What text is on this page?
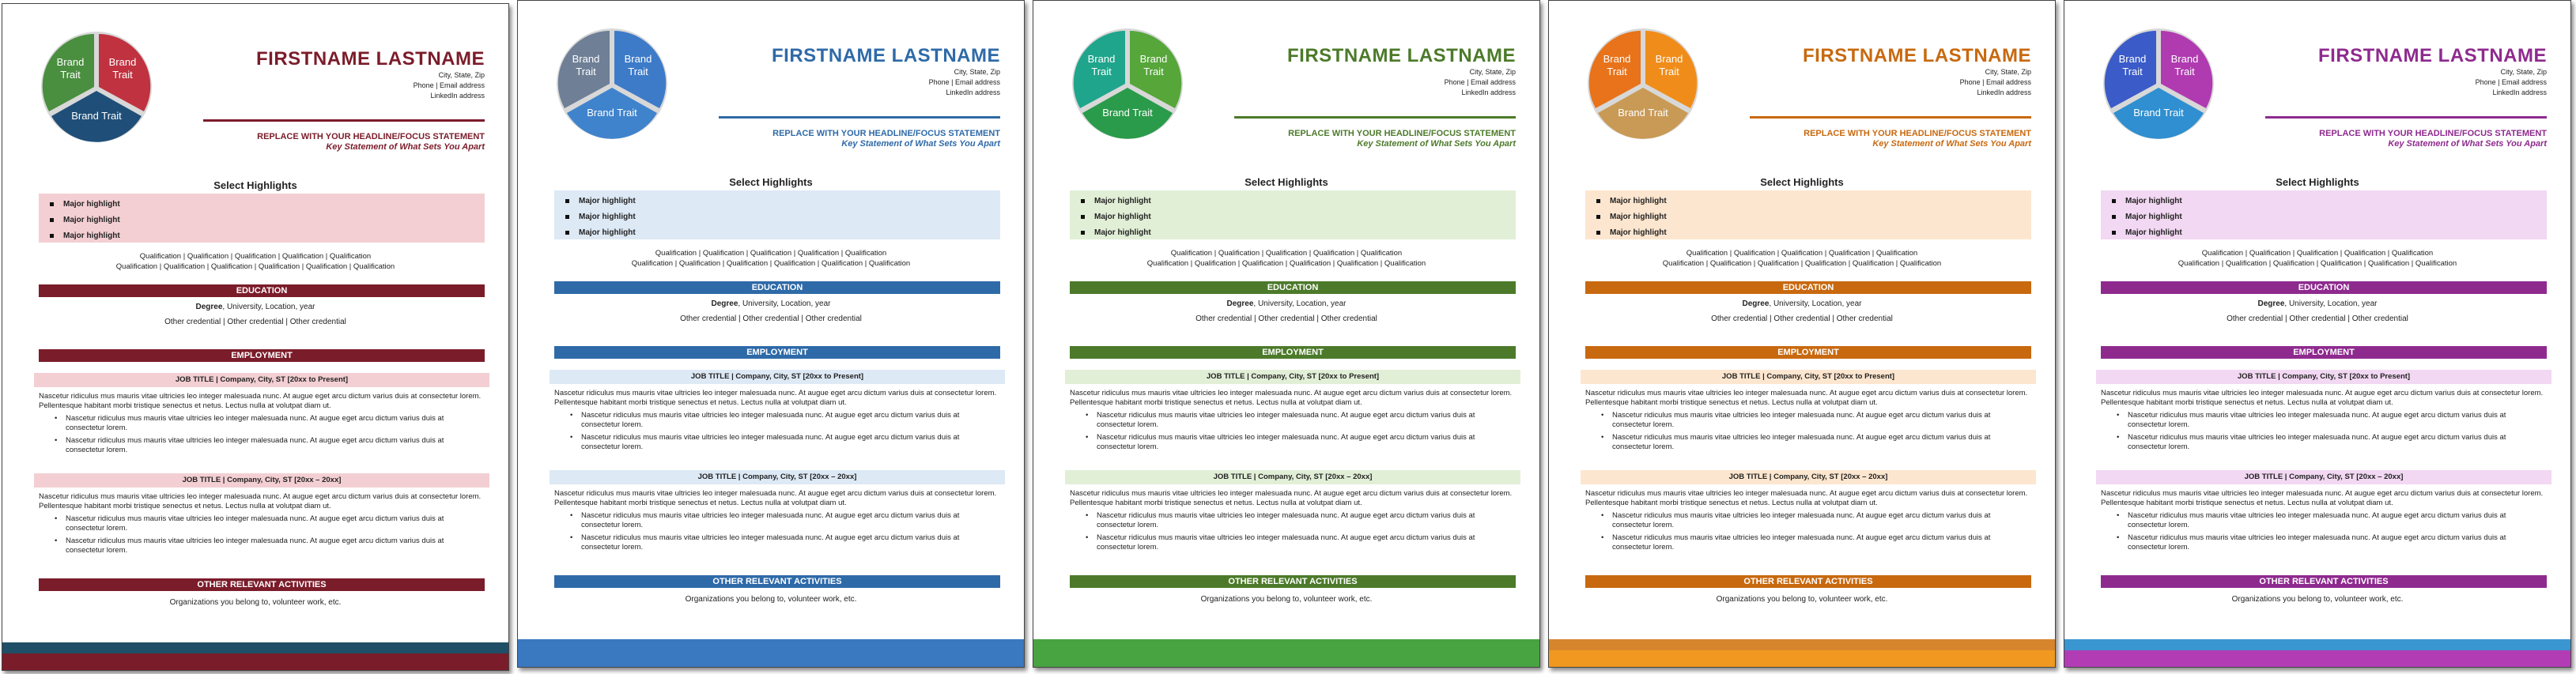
Brand
Trait
Brand
Trait
Brand Trait
FIRSTNAME LASTNAME
City, State, Zip
Phone | Email address
LinkedIn address
REPLACE WITH YOUR HEADLINE/FOCUS STATEMENT
Key Statement of What Sets You Apart
Select Highlights
Major highlight
Major highlight
Major highlight
Qualification | Qualification | Qualification | Qualification | Qualification
Qualification | Qualification | Qualification | Qualification | Qualification | Qualification
EDUCATION
Degree, University, Location, year
Other credential | Other credential | Other credential
EMPLOYMENT
JOB TITLE | Company, City, ST [20xx to Present]
Nascetur ridiculus mus mauris vitae ultricies leo integer malesuada nunc. At augue eget arcu dictum varius duis at consectetur lorem. Pellentesque habitant morbi tristique senectus et netus. Lectus nulla at volutpat diam ut.
• Nascetur ridiculus mus mauris vitae ultricies leo integer malesuada nunc. At augue eget arcu dictum varius duis at consectetur lorem.
• Nascetur ridiculus mus mauris vitae ultricies leo integer malesuada nunc. At augue eget arcu dictum varius duis at consectetur lorem.
JOB TITLE | Company, City, ST [20xx – 20xx]
Nascetur ridiculus mus mauris vitae ultricies leo integer malesuada nunc. At augue eget arcu dictum varius duis at consectetur lorem. Pellentesque habitant morbi tristique senectus et netus. Lectus nulla at volutpat diam ut.
• Nascetur ridiculus mus mauris vitae ultricies leo integer malesuada nunc. At augue eget arcu dictum varius duis at consectetur lorem.
• Nascetur ridiculus mus mauris vitae ultricies leo integer malesuada nunc. At augue eget arcu dictum varius duis at consectetur lorem.
OTHER RELEVANT ACTIVITIES
Organizations you belong to, volunteer work, etc.
Brand
Trait
Brand
Trait
Brand Trait
FIRSTNAME LASTNAME
City, State, Zip
Phone | Email address
LinkedIn address
REPLACE WITH YOUR HEADLINE/FOCUS STATEMENT
Key Statement of What Sets You Apart
Select Highlights
Major highlight
Major highlight
Major highlight
Qualification | Qualification | Qualification | Qualification | Qualification
Qualification | Qualification | Qualification | Qualification | Qualification | Qualification
EDUCATION
Degree, University, Location, year
Other credential | Other credential | Other credential
EMPLOYMENT
JOB TITLE | Company, City, ST [20xx to Present]
Nascetur ridiculus mus mauris vitae ultricies leo integer malesuada nunc. At augue eget arcu dictum varius duis at consectetur lorem. Pellentesque habitant morbi tristique senectus et netus. Lectus nulla at volutpat diam ut.
• Nascetur ridiculus mus mauris vitae ultricies leo integer malesuada nunc. At augue eget arcu dictum varius duis at consectetur lorem.
• Nascetur ridiculus mus mauris vitae ultricies leo integer malesuada nunc. At augue eget arcu dictum varius duis at consectetur lorem.
JOB TITLE | Company, City, ST [20xx – 20xx]
Nascetur ridiculus mus mauris vitae ultricies leo integer malesuada nunc. At augue eget arcu dictum varius duis at consectetur lorem. Pellentesque habitant morbi tristique senectus et netus. Lectus nulla at volutpat diam ut.
• Nascetur ridiculus mus mauris vitae ultricies leo integer malesuada nunc. At augue eget arcu dictum varius duis at consectetur lorem.
• Nascetur ridiculus mus mauris vitae ultricies leo integer malesuada nunc. At augue eget arcu dictum varius duis at consectetur lorem.
OTHER RELEVANT ACTIVITIES
Organizations you belong to, volunteer work, etc.
Brand
Trait
Brand
Trait
Brand Trait
FIRSTNAME LASTNAME
City, State, Zip
Phone | Email address
LinkedIn address
REPLACE WITH YOUR HEADLINE/FOCUS STATEMENT
Key Statement of What Sets You Apart
Select Highlights
Major highlight
Major highlight
Major highlight
Qualification | Qualification | Qualification | Qualification | Qualification
Qualification | Qualification | Qualification | Qualification | Qualification | Qualification
EDUCATION
Degree, University, Location, year
Other credential | Other credential | Other credential
EMPLOYMENT
JOB TITLE | Company, City, ST [20xx to Present]
Nascetur ridiculus mus mauris vitae ultricies leo integer malesuada nunc. At augue eget arcu dictum varius duis at consectetur lorem. Pellentesque habitant morbi tristique senectus et netus. Lectus nulla at volutpat diam ut.
• Nascetur ridiculus mus mauris vitae ultricies leo integer malesuada nunc. At augue eget arcu dictum varius duis at consectetur lorem.
• Nascetur ridiculus mus mauris vitae ultricies leo integer malesuada nunc. At augue eget arcu dictum varius duis at consectetur lorem.
JOB TITLE | Company, City, ST [20xx – 20xx]
Nascetur ridiculus mus mauris vitae ultricies leo integer malesuada nunc. At augue eget arcu dictum varius duis at consectetur lorem. Pellentesque habitant morbi tristique senectus et netus. Lectus nulla at volutpat diam ut.
• Nascetur ridiculus mus mauris vitae ultricies leo integer malesuada nunc. At augue eget arcu dictum varius duis at consectetur lorem.
• Nascetur ridiculus mus mauris vitae ultricies leo integer malesuada nunc. At augue eget arcu dictum varius duis at consectetur lorem.
OTHER RELEVANT ACTIVITIES
Organizations you belong to, volunteer work, etc.
Brand
Trait
Brand
Trait
Brand Trait
FIRSTNAME LASTNAME
City, State, Zip
Phone | Email address
LinkedIn address
REPLACE WITH YOUR HEADLINE/FOCUS STATEMENT
Key Statement of What Sets You Apart
Select Highlights
Major highlight
Major highlight
Major highlight
Qualification | Qualification | Qualification | Qualification | Qualification
Qualification | Qualification | Qualification | Qualification | Qualification | Qualification
EDUCATION
Degree, University, Location, year
Other credential | Other credential | Other credential
EMPLOYMENT
JOB TITLE | Company, City, ST [20xx to Present]
Nascetur ridiculus mus mauris vitae ultricies leo integer malesuada nunc. At augue eget arcu dictum varius duis at consectetur lorem. Pellentesque habitant morbi tristique senectus et netus. Lectus nulla at volutpat diam ut.
• Nascetur ridiculus mus mauris vitae ultricies leo integer malesuada nunc. At augue eget arcu dictum varius duis at consectetur lorem.
• Nascetur ridiculus mus mauris vitae ultricies leo integer malesuada nunc. At augue eget arcu dictum varius duis at consectetur lorem.
JOB TITLE | Company, City, ST [20xx – 20xx]
Nascetur ridiculus mus mauris vitae ultricies leo integer malesuada nunc. At augue eget arcu dictum varius duis at consectetur lorem. Pellentesque habitant morbi tristique senectus et netus. Lectus nulla at volutpat diam ut.
• Nascetur ridiculus mus mauris vitae ultricies leo integer malesuada nunc. At augue eget arcu dictum varius duis at consectetur lorem.
• Nascetur ridiculus mus mauris vitae ultricies leo integer malesuada nunc. At augue eget arcu dictum varius duis at consectetur lorem.
OTHER RELEVANT ACTIVITIES
Organizations you belong to, volunteer work, etc.
Brand
Trait
Brand
Trait
Brand Trait
FIRSTNAME LASTNAME
City, State, Zip
Phone | Email address
LinkedIn address
REPLACE WITH YOUR HEADLINE/FOCUS STATEMENT
Key Statement of What Sets You Apart
Select Highlights
Major highlight
Major highlight
Major highlight
Qualification | Qualification | Qualification | Qualification | Qualification
Qualification | Qualification | Qualification | Qualification | Qualification | Qualification
EDUCATION
Degree, University, Location, year
Other credential | Other credential | Other credential
EMPLOYMENT
JOB TITLE | Company, City, ST [20xx to Present]
Nascetur ridiculus mus mauris vitae ultricies leo integer malesuada nunc. At augue eget arcu dictum varius duis at consectetur lorem. Pellentesque habitant morbi tristique senectus et netus. Lectus nulla at volutpat diam ut.
• Nascetur ridiculus mus mauris vitae ultricies leo integer malesuada nunc. At augue eget arcu dictum varius duis at consectetur lorem.
• Nascetur ridiculus mus mauris vitae ultricies leo integer malesuada nunc. At augue eget arcu dictum varius duis at consectetur lorem.
JOB TITLE | Company, City, ST [20xx – 20xx]
Nascetur ridiculus mus mauris vitae ultricies leo integer malesuada nunc. At augue eget arcu dictum varius duis at consectetur lorem. Pellentesque habitant morbi tristique senectus et netus. Lectus nulla at volutpat diam ut.
• Nascetur ridiculus mus mauris vitae ultricies leo integer malesuada nunc. At augue eget arcu dictum varius duis at consectetur lorem.
• Nascetur ridiculus mus mauris vitae ultricies leo integer malesuada nunc. At augue eget arcu dictum varius duis at consectetur lorem.
OTHER RELEVANT ACTIVITIES
Organizations you belong to, volunteer work, etc.
